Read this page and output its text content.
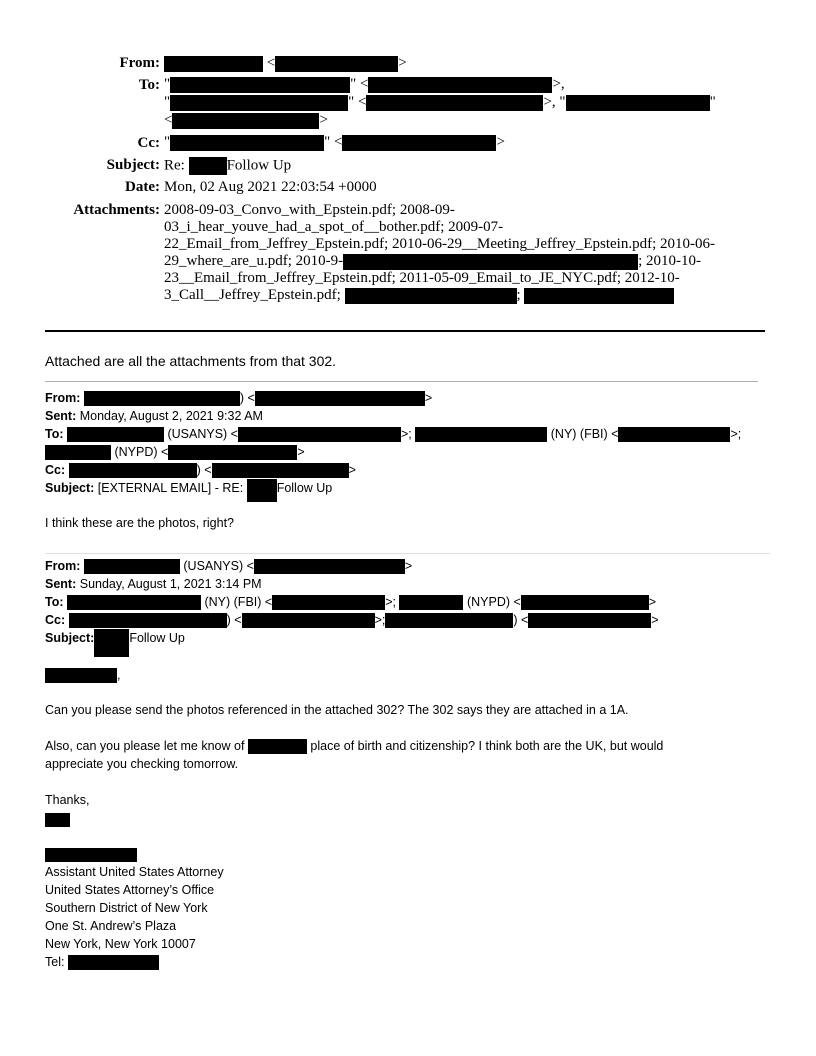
From:	<	>
To: "	" <	>,
"	" <	>, "	"
<	>
Cc: "	" <	>
Subject: Re:	Follow Up
Date: Mon, 02 Aug 2021 22:03:54 +0000
Attachments: 2008-09-03_Convo_with_Epstein.pdf; 2008-09-
03_i_hear_youve_had_a_spot_of__bother.pdf; 2009-07-
22_Email_from_Jeffrey_Epstein.pdf; 2010-06-29__Meeting_Jeffrey_Epstein.pdf; 2010-06-
29_where_are_u.pdf; 2010-9-	; 2010-10-
23__Email_from_Jeffrey_Epstein.pdf; 2011-05-09_Email_to_JE_NYC.pdf; 2012-10-
3_Call__Jeffrey_Epstein.pdf;	;
Attached are all the attachments from that 302.
From:	) <	>
Sent: Monday, August 2, 2021 9:32 AM
To:	(USANYS) <	>;	(NY) (FBI) <	>;
(NYPD) <	>
Cc:	) <	>
Subject: [EXTERNAL EMAIL] - RE:	Follow Up
I think these are the photos, right?
From:	(USANYS) <	>
Sent: Sunday, August 1, 2021 3:14 PM
To:	(NY) (FBI) <	>;	(NYPD) <	>
Cc:	) <	>;	) <	>
Subject:	Follow Up
,
Can you please send the photos referenced in the attached 302? The 302 says they are attached in a 1A.
Also, can you please let me know of	place of birth and citizenship? I think both are the UK, but would
appreciate you checking tomorrow.
Thanks,
Assistant United States Attorney
United States Attorney’s Office
Southern District of New York
One St. Andrew’s Plaza
New York, New York 10007
Tel:
